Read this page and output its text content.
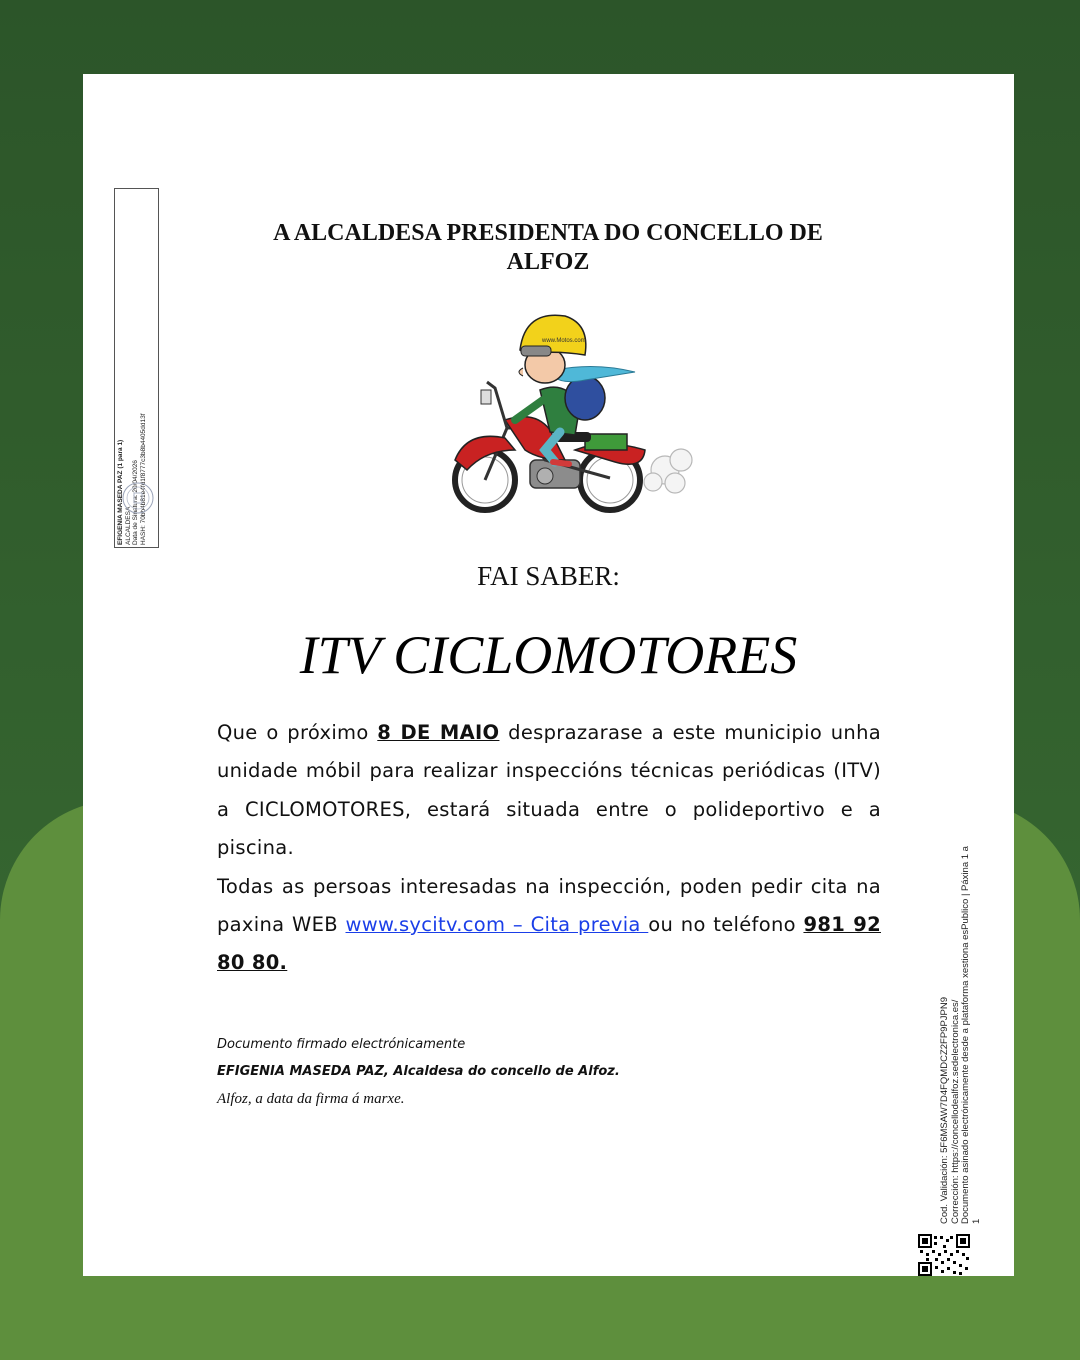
EFIGENIA MASEDA PAZ (1 para 1) ALCALDESA Data de Sinatura: 20/04/2026 HASH: 70bb4b81e4fd1f8777c3b8b4405dd13f
A ALCALDESA PRESIDENTA DO CONCELLO DE ALFOZ
www.Motos.com
FAI SABER:
ITV CICLOMOTORES

Que o próximo 8 DE MAIO desprazarase a este municipio unha unidade móbil para realizar inspeccións técnicas periódicas (ITV) a CICLOMOTORES, estará situada entre o polideportivo e a piscina.

Todas as persoas interesadas na inspección, poden pedir cita na paxina WEB www.sycitv.com – Cita previa ou no teléfono 981 92 80 80.

Documento firmado electrónicamente

EFIGENIA MASEDA PAZ, Alcaldesa do concello de Alfoz.

Alfoz, a data da firma á marxe.	Cod. Validación: 5F6MSAW7D4FQMDCZ2FP9PJPN9 Corrección: https://concellodealfoz.sedelectronica.es/ Documento asinado electrónicamente desde a plataforma xestiona esPublico | Páxina 1 a 1
